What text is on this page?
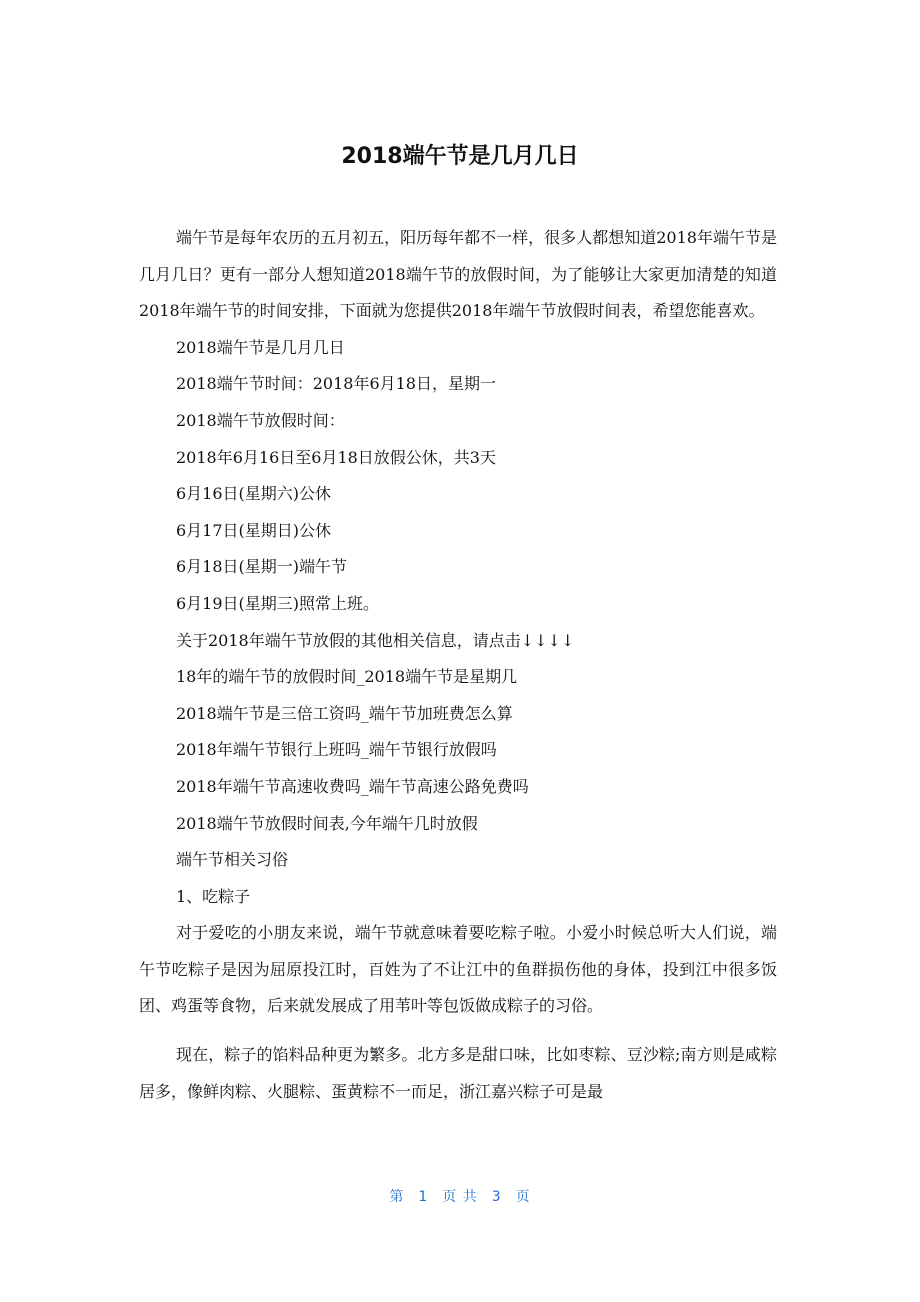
2018端午节是几月几日

端午节是每年农历的五月初五，阳历每年都不一样，很多人都想知道2018年端午节是几月几日？更有一部分人想知道2018端午节的放假时间，为了能够让大家更加清楚的知道2018年端午节的时间安排，下面就为您提供2018年端午节放假时间表，希望您能喜欢。

2018端午节是几月几日

2018端午节时间：2018年6月18日，星期一

2018端午节放假时间：

2018年6月16日至6月18日放假公休，共3天

6月16日(星期六)公休

6月17日(星期日)公休

6月18日(星期一)端午节

6月19日(星期三)照常上班。

关于2018年端午节放假的其他相关信息，请点击↓↓↓↓

18年的端午节的放假时间_2018端午节是星期几

2018端午节是三倍工资吗_端午节加班费怎么算

2018年端午节银行上班吗_端午节银行放假吗

2018年端午节高速收费吗_端午节高速公路免费吗

2018端午节放假时间表,今年端午几时放假

端午节相关习俗

1、吃粽子

对于爱吃的小朋友来说，端午节就意味着要吃粽子啦。小爱小时候总听大人们说，端午节吃粽子是因为屈原投江时，百姓为了不让江中的鱼群损伤他的身体，投到江中很多饭团、鸡蛋等食物，后来就发展成了用苇叶等包饭做成粽子的习俗。

现在，粽子的馅料品种更为繁多。北方多是甜口味，比如枣粽、豆沙粽;南方则是咸粽居多，像鲜肉粽、火腿粽、蛋黄粽不一而足，浙江嘉兴粽子可是最

第 1 页 共 3 页
